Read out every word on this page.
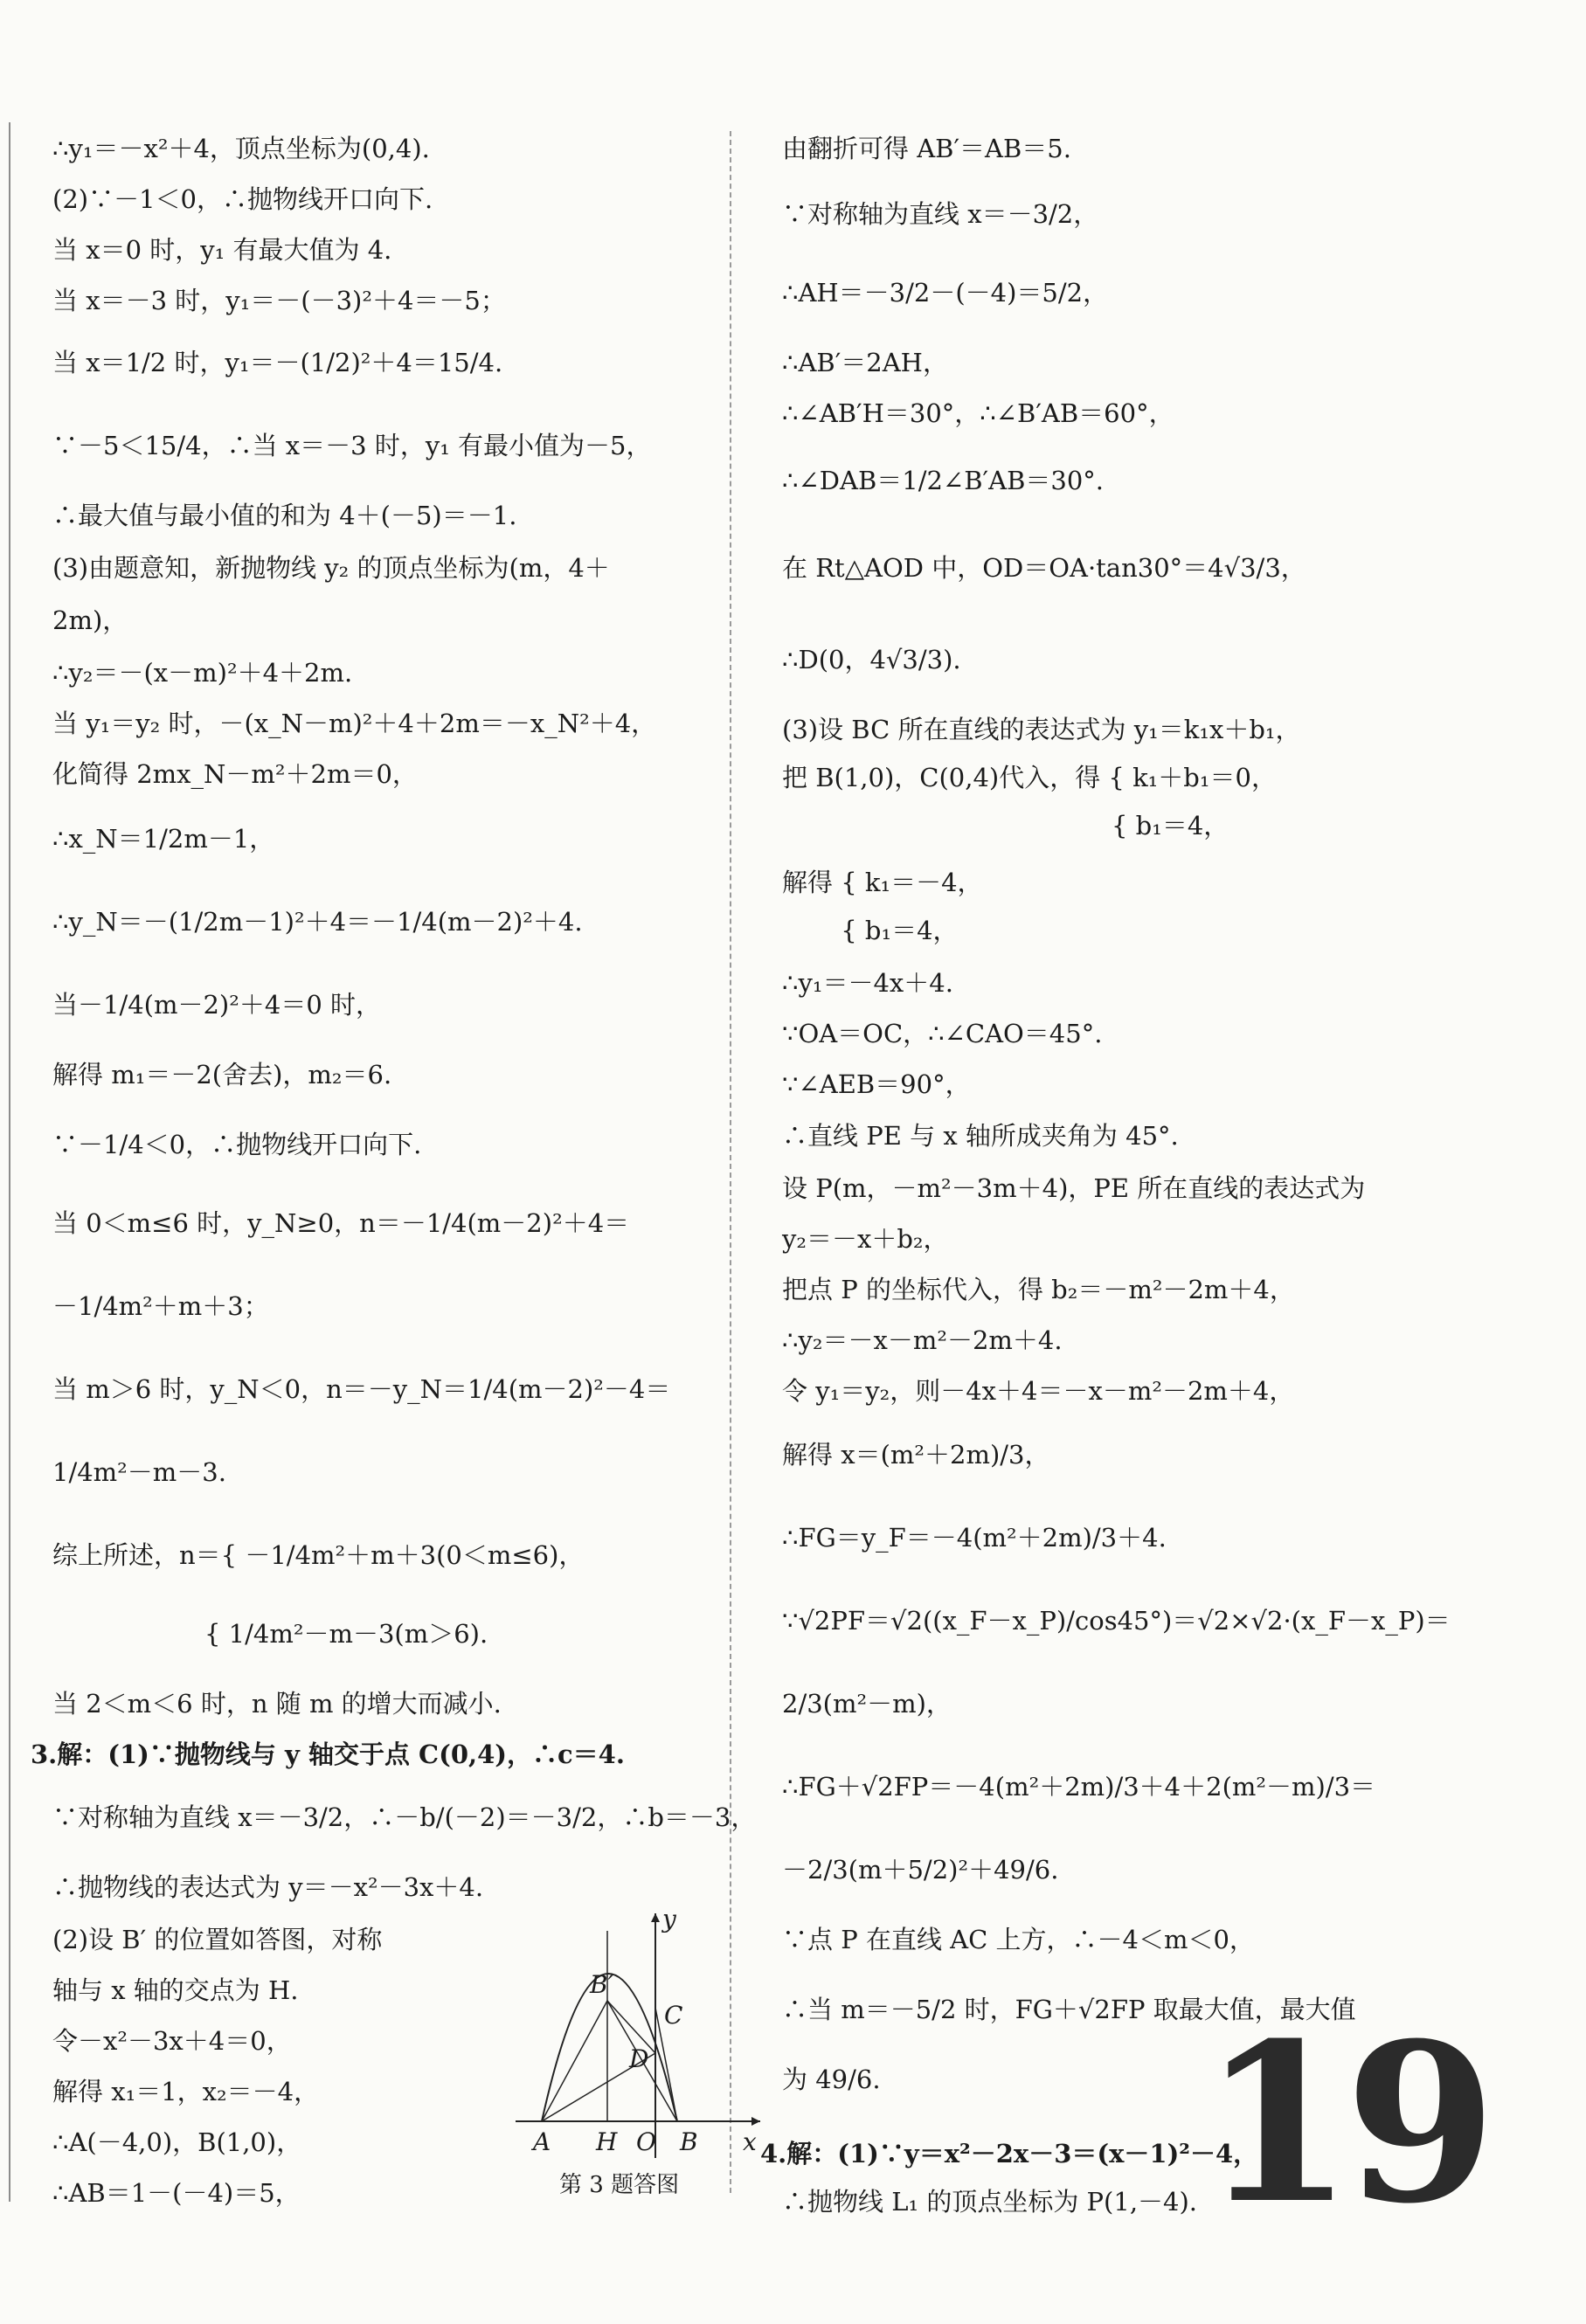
∴y₁＝－x²＋4，顶点坐标为(0,4).
(2)∵－1＜0，∴抛物线开口向下.
当 x＝0 时，y₁ 有最大值为 4.
当 x＝－3 时，y₁＝－(－3)²＋4＝－5；
当 x＝1/2 时，y₁＝－(1/2)²＋4＝15/4.
∵－5＜15/4，∴当 x＝－3 时，y₁ 有最小值为－5，
∴最大值与最小值的和为 4＋(－5)＝－1.
(3)由题意知，新抛物线 y₂ 的顶点坐标为(m，4＋
2m)，
∴y₂＝－(x－m)²＋4＋2m.
当 y₁＝y₂ 时，－(x_N－m)²＋4＋2m＝－x_N²＋4，
化简得 2mx_N－m²＋2m＝0，
∴x_N＝1/2m－1，
∴y_N＝－(1/2m－1)²＋4＝－1/4(m－2)²＋4.
当－1/4(m－2)²＋4＝0 时，
解得 m₁＝－2(舍去)，m₂＝6.
∵－1/4＜0，∴抛物线开口向下.
当 0＜m≤6 时，y_N≥0，n＝－1/4(m－2)²＋4＝
－1/4m²＋m＋3；
当 m＞6 时，y_N＜0，n＝－y_N＝1/4(m－2)²－4＝
1/4m²－m－3.
综上所述，n＝{ －1/4m²＋m＋3(0＜m≤6)，
　　　　　　{ 1/4m²－m－3(m＞6).
当 2＜m＜6 时，n 随 m 的增大而减小.
3.解：(1)∵抛物线与 y 轴交于点 C(0,4)，∴c＝4.
∵对称轴为直线 x＝－3/2，∴－b/(－2)＝－3/2，∴b＝－3，
∴抛物线的表达式为 y＝－x²－3x＋4.
(2)设 B′ 的位置如答图，对称
轴与 x 轴的交点为 H.
令－x²－3x＋4＝0，
解得 x₁＝1，x₂＝－4，
∴A(－4,0)，B(1,0)，
∴AB＝1－(－4)＝5，
B′
C
D
y
x
A H O B
第 3 题答图
由翻折可得 AB′＝AB＝5.
∵对称轴为直线 x＝－3/2，
∴AH＝－3/2－(－4)＝5/2，
∴AB′＝2AH，
∴∠AB′H＝30°，∴∠B′AB＝60°，
∴∠DAB＝1/2∠B′AB＝30°.
在 Rt△AOD 中，OD＝OA·tan30°＝4√3/3，
∴D(0，4√3/3).
(3)设 BC 所在直线的表达式为 y₁＝k₁x＋b₁，
把 B(1,0)，C(0,4)代入，得 { k₁＋b₁＝0，
　　　　　　　　　　　　　{ b₁＝4，
解得 { k₁＝－4，
　　 { b₁＝4，
∴y₁＝－4x＋4.
∵OA＝OC，∴∠CAO＝45°.
∵∠AEB＝90°，
∴直线 PE 与 x 轴所成夹角为 45°.
设 P(m，－m²－3m＋4)，PE 所在直线的表达式为
y₂＝－x＋b₂，
把点 P 的坐标代入，得 b₂＝－m²－2m＋4，
∴y₂＝－x－m²－2m＋4.
令 y₁＝y₂，则－4x＋4＝－x－m²－2m＋4，
解得 x＝(m²＋2m)/3，
∴FG＝y_F＝－4(m²＋2m)/3＋4.
∵√2PF＝√2((x_F－x_P)/cos45°)＝√2×√2·(x_F－x_P)＝
2/3(m²－m)，
∴FG＋√2FP＝－4(m²＋2m)/3＋4＋2(m²－m)/3＝
－2/3(m＋5/2)²＋49/6.
∵点 P 在直线 AC 上方，∴－4＜m＜0，
∴当 m＝－5/2 时，FG＋√2FP 取最大值，最大值
为 49/6.
4.解：(1)∵y＝x²－2x－3＝(x－1)²－4，
∴抛物线 L₁ 的顶点坐标为 P(1,－4). 19
